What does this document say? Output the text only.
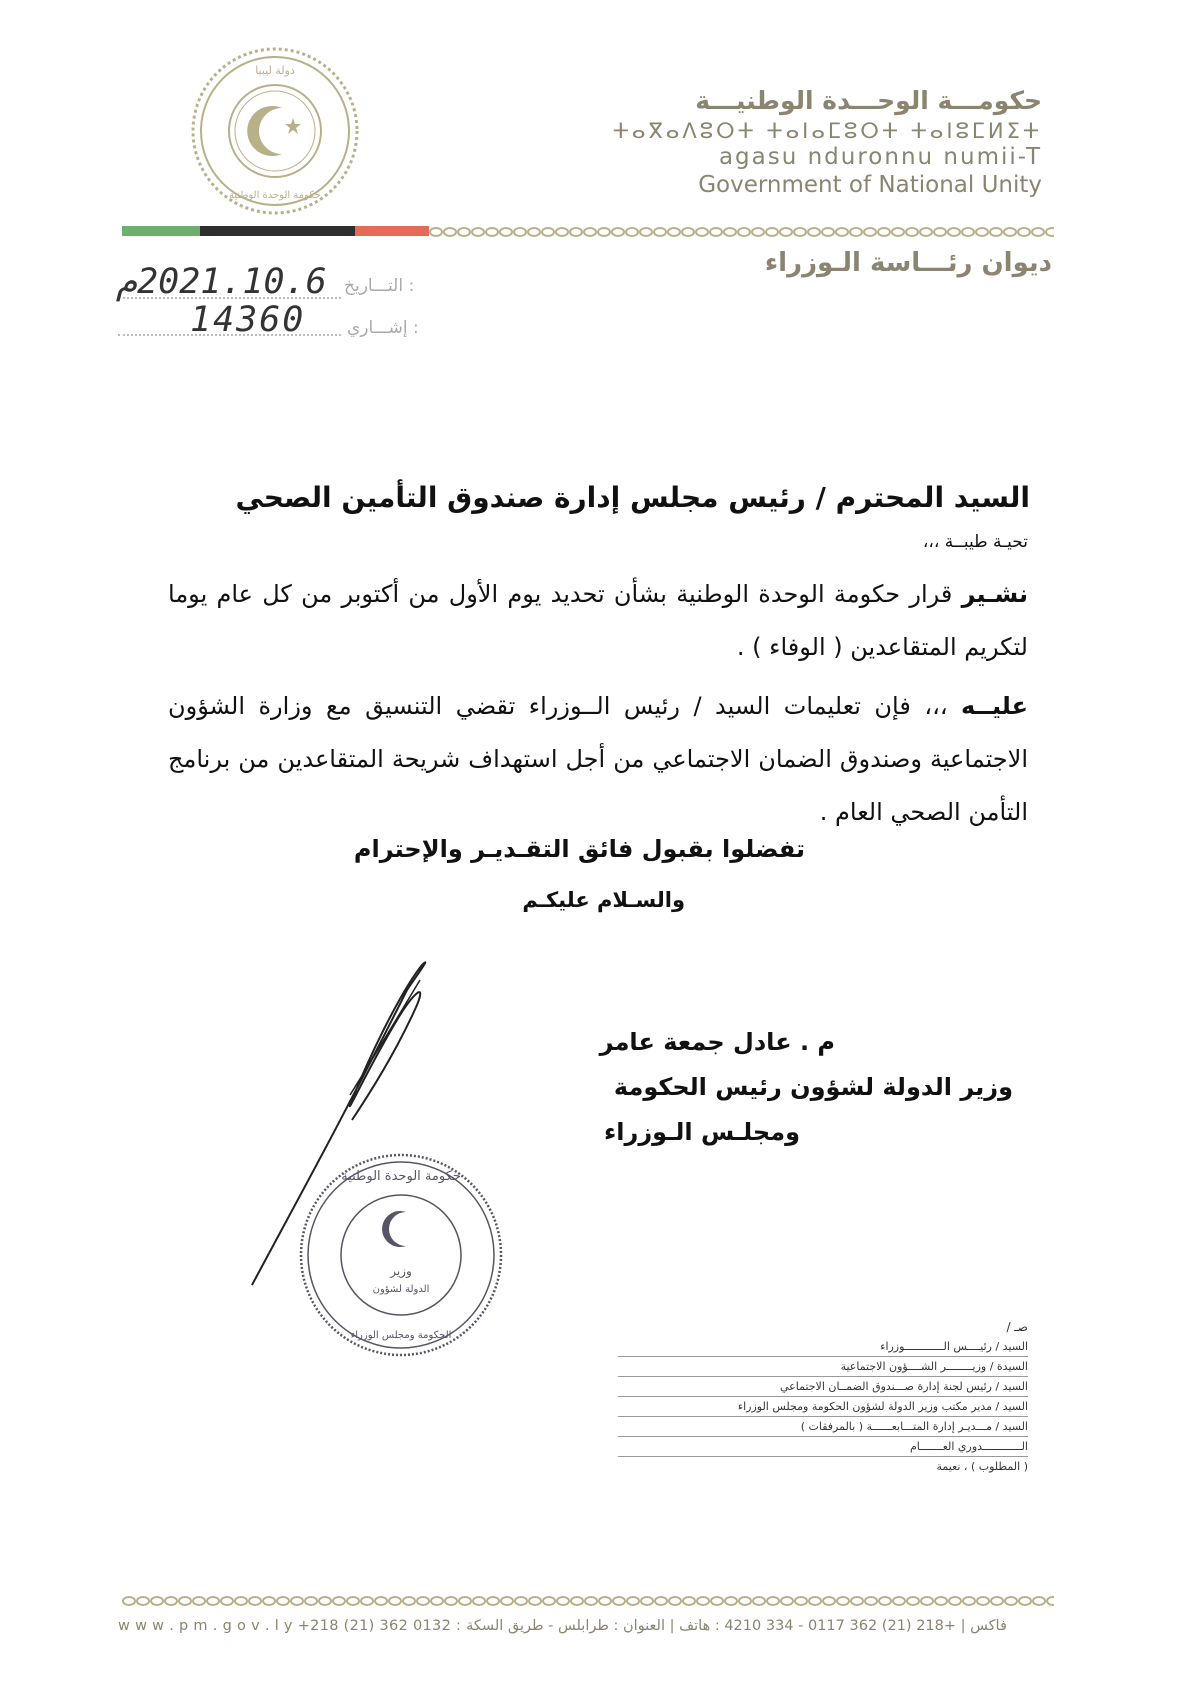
دولة ليبيا
حكومة الوحدة الوطنية
حكومـــة الوحـــدة الوطنيـــة
ⵜⴰⴳⴰⴷⵓⵔⵜ ⵜⴰⵏⴰⵎⵓⵔⵜ ⵜⴰⵏⵓⵎⵍⵉⵜ
agasu nduronnu numii-T
Government of National Unity
ديوان رئـــاسة الـوزراء
التـــاريخ :
2021.10.6م
إشـــاري :
14360
السيد المحترم / رئيس مجلس إدارة صندوق التأمين الصحي
تحيـة طيبــة ،،،
نشـير قرار حكومة الوحدة الوطنية بشأن تحديد يوم الأول من أكتوبر من كل عام يوما لتكريم المتقاعدين ( الوفاء ) .
عليــه ،،، فإن تعليمات السيد / رئيس الــوزراء تقضي التنسيق مع وزارة الشؤون الاجتماعية وصندوق الضمان الاجتماعي من أجل استهداف شريحة المتقاعدين من برنامج التأمن الصحي العام .
تفضلوا بقبول فائق التقـديـر والإحترام
والسـلام عليكـم
م . عادل جمعة عامر
وزير الدولة لشؤون رئيس الحكومة
ومجلـس الـوزراء
حكومة الوحدة الوطنية
وزير
الدولة لشؤون
الحكومة ومجلس الوزراء
صـ /
السيد / رئيــــس الــــــــــــوزراء
السيدة / وزيــــــــر الشــــؤون الاجتماعية
السيد / رئيس لجنة إدارة صـــندوق الضمــان الاجتماعي
السيد / مدير مكتب وزير الدولة لشؤون الحكومة ومجلس الوزراء
السيد / مـــديـر إدارة المتـــابعــــــة ( بالمرفقات )
الــــــــــــدوري العـــــــام
( المطلوب ) ، نعيمة
w w w . p m . g o v . l y +218 (21) 362 0132 : فاكس | +218 (21) 362 0117 - 334 4210 : هاتف | العنوان : طرابلس - طريق السكة
